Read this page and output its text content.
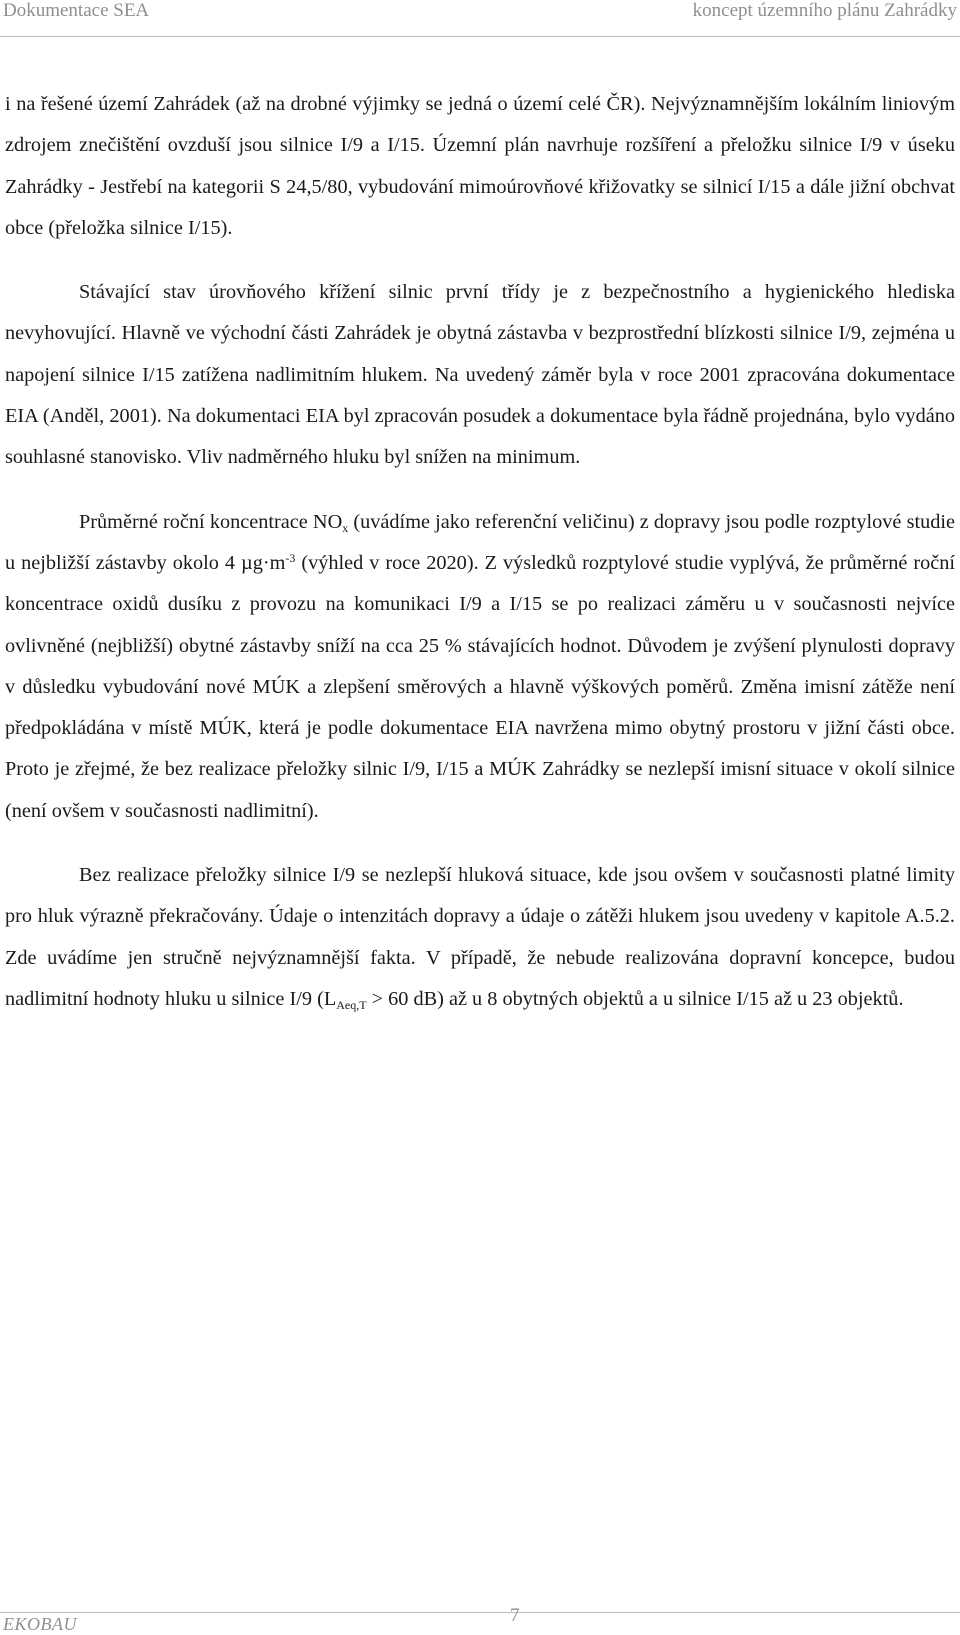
Dokumentace SEA	koncept územního plánu Zahrádky

i na řešené území Zahrádek (až na drobné výjimky se jedná o území celé ČR). Nejvýznamnějším lokálním liniovým zdrojem znečištění ovzduší jsou silnice I/9 a I/15. Územní plán navrhuje rozšíření a přeložku silnice I/9 v úseku Zahrádky - Jestřebí na kategorii S 24,5/80, vybudování mimoúrovňové křižovatky se silnicí I/15 a dále jižní obchvat obce (přeložka silnice I/15).

Stávající stav úrovňového křížení silnic první třídy je z bezpečnostního a hygienického hlediska nevyhovující. Hlavně ve východní části Zahrádek je obytná zástavba v bezprostřední blízkosti silnice I/9, zejména u napojení silnice I/15 zatížena nadlimitním hlukem. Na uvedený záměr byla v roce 2001 zpracována dokumentace EIA (Anděl, 2001). Na dokumentaci EIA byl zpracován posudek a dokumentace byla řádně projednána, bylo vydáno souhlasné stanovisko. Vliv nadměrného hluku byl snížen na minimum.

Průměrné roční koncentrace $NO_x$ (uvádíme jako referenční veličinu) z dopravy jsou podle rozptylové studie u nejbližší zástavby okolo 4 $\mu g\cdot m^{-3}$ (výhled v roce 2020). Z výsledků rozptylové studie vyplývá, že průměrné roční koncentrace oxidů dusíku z provozu na komunikaci I/9 a I/15 se po realizaci záměru u v současnosti nejvíce ovlivněné (nejbližší) obytné zástavby sníží na cca 25 % stávajících hodnot. Důvodem je zvýšení plynulosti dopravy v důsledku vybudování nové MÚK a zlepšení směrových a hlavně výškových poměrů. Změna imisní zátěže není předpokládána v místě MÚK, která je podle dokumentace EIA navržena mimo obytný prostoru v jižní části obce. Proto je zřejmé, že bez realizace přeložky silnic I/9, I/15 a MÚK Zahrádky se nezlepší imisní situace v okolí silnice (není ovšem v současnosti nadlimitní).

Bez realizace přeložky silnice I/9 se nezlepší hluková situace, kde jsou ovšem v současnosti platné limity pro hluk výrazně překračovány. Údaje o intenzitách dopravy a údaje o zátěži hlukem jsou uvedeny v kapitole A.5.2. Zde uvádíme jen stručně nejvýznamnější fakta. V případě, že nebude realizována dopravní koncepce, budou nadlimitní hodnoty hluku u silnice I/9 ($L_{Aeq,T} > 60$ dB) až u 8 obytných objektů a u silnice I/15 až u 23 objektů.

EKOBAU	7
